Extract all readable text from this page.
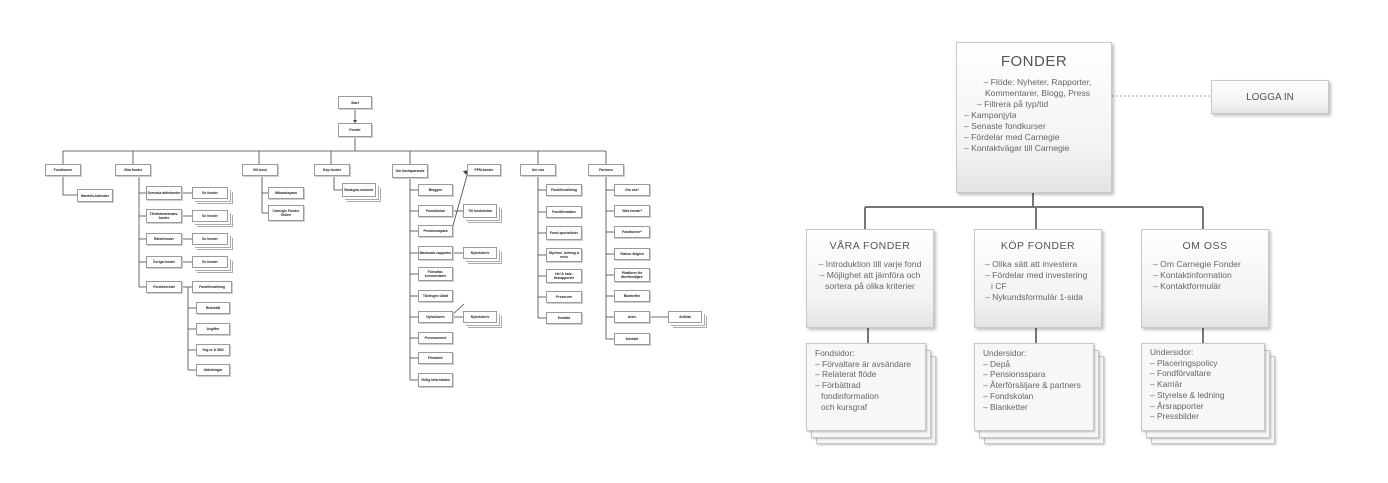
Start
Fonder
Fondkurser
Handels-kalender
Våra fonder
Svenska aktiefonder	Se fonder
Tillväxtmarknads-fonder	Se fonder
Räntefonder	Se fonder
Övriga fonder	Se fonder
Fondöversikt	Fondförvaltning
Riskmått
Avgifter
Org.nr & ISIN
Utdelningar
Bli kund
Månadsspara
Carnegie Fonder Online
Köp fonder
Bankgiro-nummer
Om fondsparande	PPM-fonder
Bloggen
Fondskolan	Till fondskolan
Pensionsspara
Marknads-rapporter	Nyhetsbrev
Förvaltar-kommentarer
Tävlingen Utakt
Nyhetsbrev	Nyhetsbrev
Pressrummet
Filmarkiv
Viktig information
Om oss
Fondförvaltning
Fondförvaltare
Fond-specialister
Styrelse, ledning & revis
Hel & halv-årsrapporter
Pressrum
Kontakt
Partners
Om oss*
Våra fonder*
Fondkurser*
Status rådgivn
Plattform för återförsäljare
Blanketter
Arkiv	Artiklar
Kontakt
FONDER
– Flöde: Nyheter, Rapporter,
Kommentarer, Blogg, Press
– Filtrera på typ/tid
– Kampanjyta
– Senaste fondkurser
– Fördelar med Carnegie
– Kontaktvägar till Carnegie
LOGGA IN
VÅRA FONDER
– Introduktion till varje fond
– Möjlighet att jämföra och
sortera på olika kriterier
Fondsidor:
– Förvaltare är avsändare
– Relaterat flöde
– Förbättrad
fondinformation
och kursgraf
KÖP FONDER
– Olika sätt att investera
– Fördelar med investering
i CF
– Nykundsformulär 1-sida
Undersidor:
– Depå
– Pensionsspara
– Återförsäljare & partners
– Fondskolan
– Blanketter
OM OSS
– Om Carnegie Fonder
– Kontaktinformation
– Kontaktformulär
Undersidor:
– Placeringspolicy
– Fondförvaltare
– Karriär
– Styrelse & ledning
– Årsrapporter
– Pressbilder
